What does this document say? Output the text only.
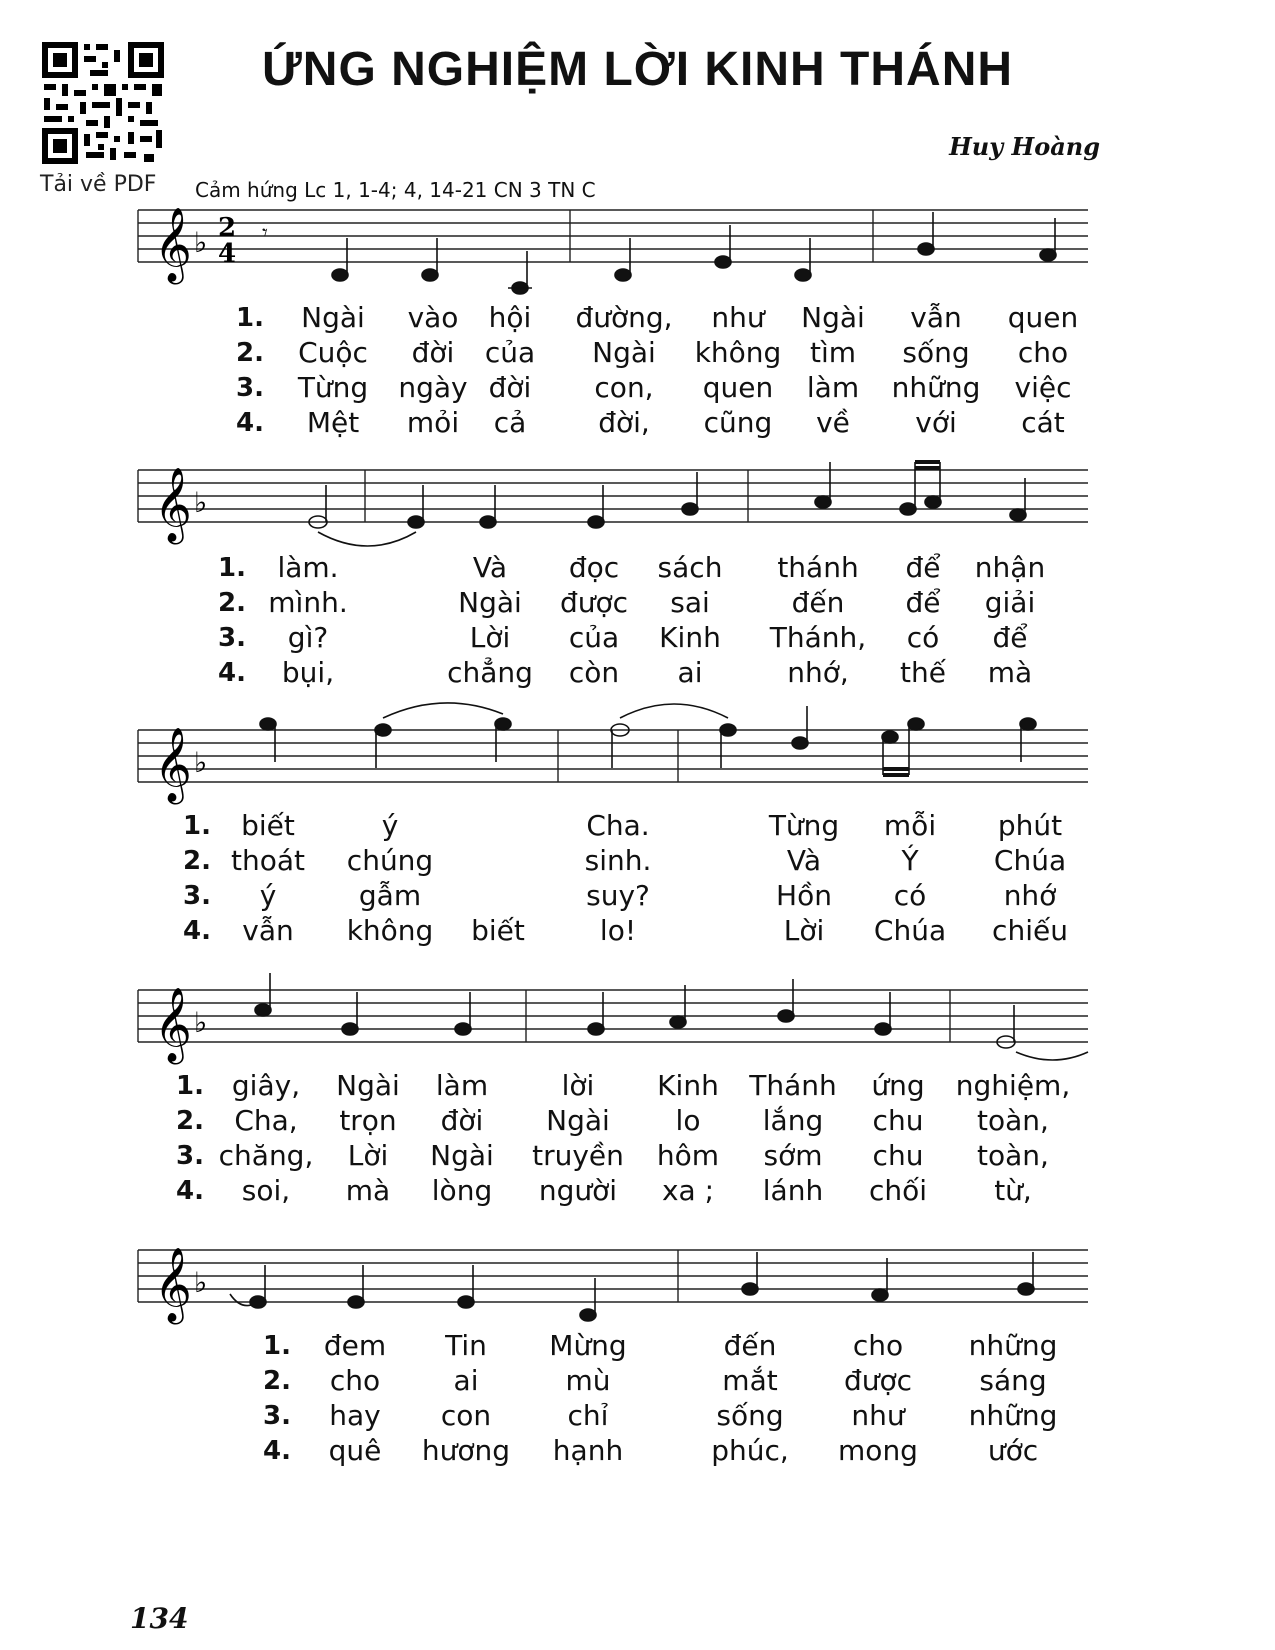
Tải về PDF
ỨNG NGHIỆM LỜI KINH THÁNH
Huy Hoàng
Cảm hứng Lc 1, 1-4; 4, 14-21 CN 3 TN C
𝄞 ♭ 2
4
𝄾
1. Ngài vào hội đường, như Ngài vẫn quen
2. Cuộc đời của Ngài không tìm sống cho
3. Từng ngày đời con, quen làm những việc
4. Mệt mỏi cả	đời, cũng về với cát
𝄞 ♭
1. làm.	Và đọc sách thánh để nhận
2. mình.	Ngài được sai	đến để giải
3. gì?	Lời của Kinh Thánh, có để
4. bụi,	chẳng còn ai	nhớ, thế mà
𝄞 ♭
1. biết	ý	Cha.	Từng mỗi phút
2. thoát chúng	sinh.	Và	Ý	Chúa
3. ý	gẫm	suy?	Hồn có	nhớ
4. vẫn không biết	lo!	Lời Chúa chiếu
𝄞 ♭
1. giây, Ngài làm	lời Kinh Thánh ứng nghiệm,
2. Cha, trọn đời Ngài lo lắng chu toàn,
3. chăng, Lời Ngài truyền hôm sớm chu toàn,
4. soi, mà lòng người xa ; lánh chối từ,
𝄞 ♭
1. đem Tin Mừng	đến	cho những
2. cho	ai	mù	mắt được sáng
3. hay con	chỉ	sống như những
4. quê hương hạnh	phúc, mong ước
134
